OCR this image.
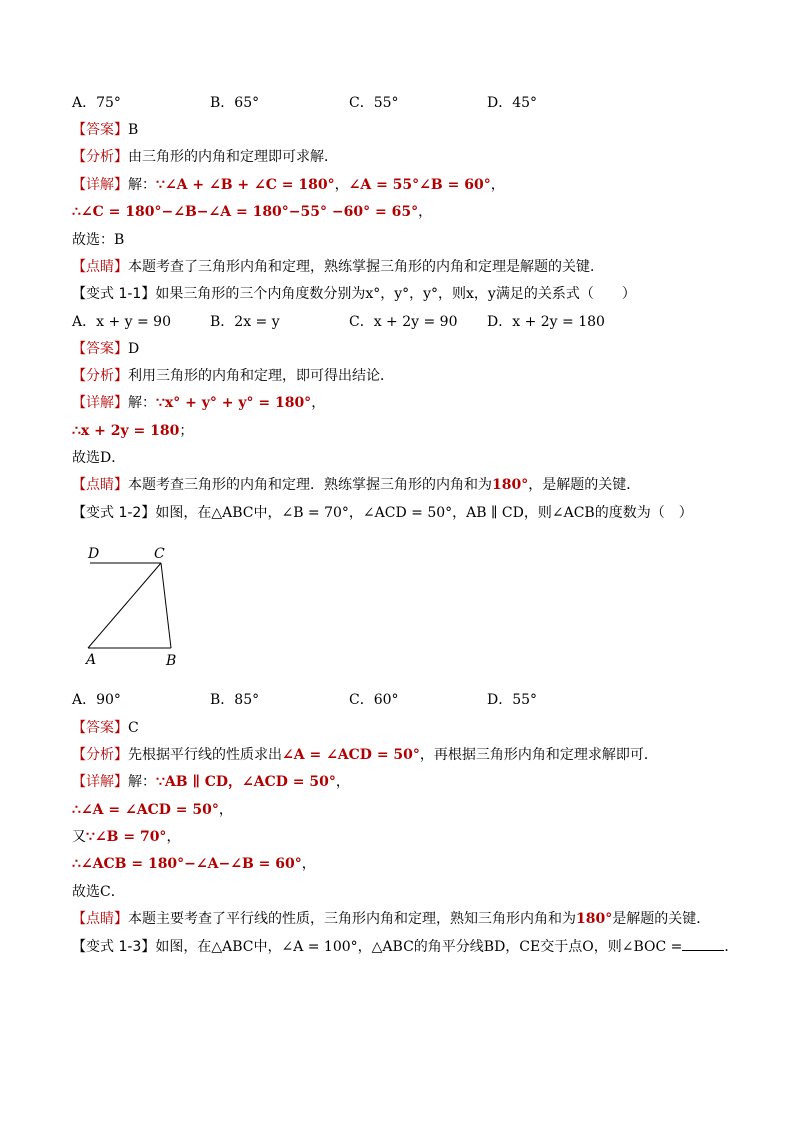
A．75°	B．65°	C．55°	D．45°
【答案】B
【分析】由三角形的内角和定理即可求解．
【详解】解：∵∠A + ∠B + ∠C = 180°，∠A = 55°∠B = 60°，
∴∠C = 180°−∠B−∠A = 180°−55° −60° = 65°，
故选：B
【点睛】本题考查了三角形内角和定理，熟练掌握三角形的内角和定理是解题的关键．
【变式 1-1】如果三角形的三个内角度数分别为x°，y°，y°，则x，y满足的关系式（　　）
A．x + y = 90	B．2x = y	C．x + 2y = 90 D．x + 2y = 180
【答案】D
【分析】利用三角形的内角和定理，即可得出结论．
【详解】解：∵x° + y° + y° = 180°，
∴x + 2y = 180；
故选D．
【点睛】本题考查三角形的内角和定理．熟练掌握三角形的内角和为180°，是解题的关键．
【变式 1-2】如图，在△ABC中，∠B = 70°，∠ACD = 50°，AB ∥ CD，则∠ACB的度数为（　）
D	C
A	B
A．90°	B．85°	C．60°	D．55°
【答案】C
【分析】先根据平行线的性质求出∠A = ∠ACD = 50°，再根据三角形内角和定理求解即可．
【详解】解：∵AB ∥ CD，∠ACD = 50°，
∴∠A = ∠ACD = 50°，
又∵∠B = 70°，
∴∠ACB = 180°−∠A−∠B = 60°，
故选C．
【点睛】本题主要考查了平行线的性质，三角形内角和定理，熟知三角形内角和为180°是解题的关键．
【变式 1-3】如图，在△ABC中，∠A = 100°，△ABC的角平分线BD，CE交于点O，则∠BOC =	．
